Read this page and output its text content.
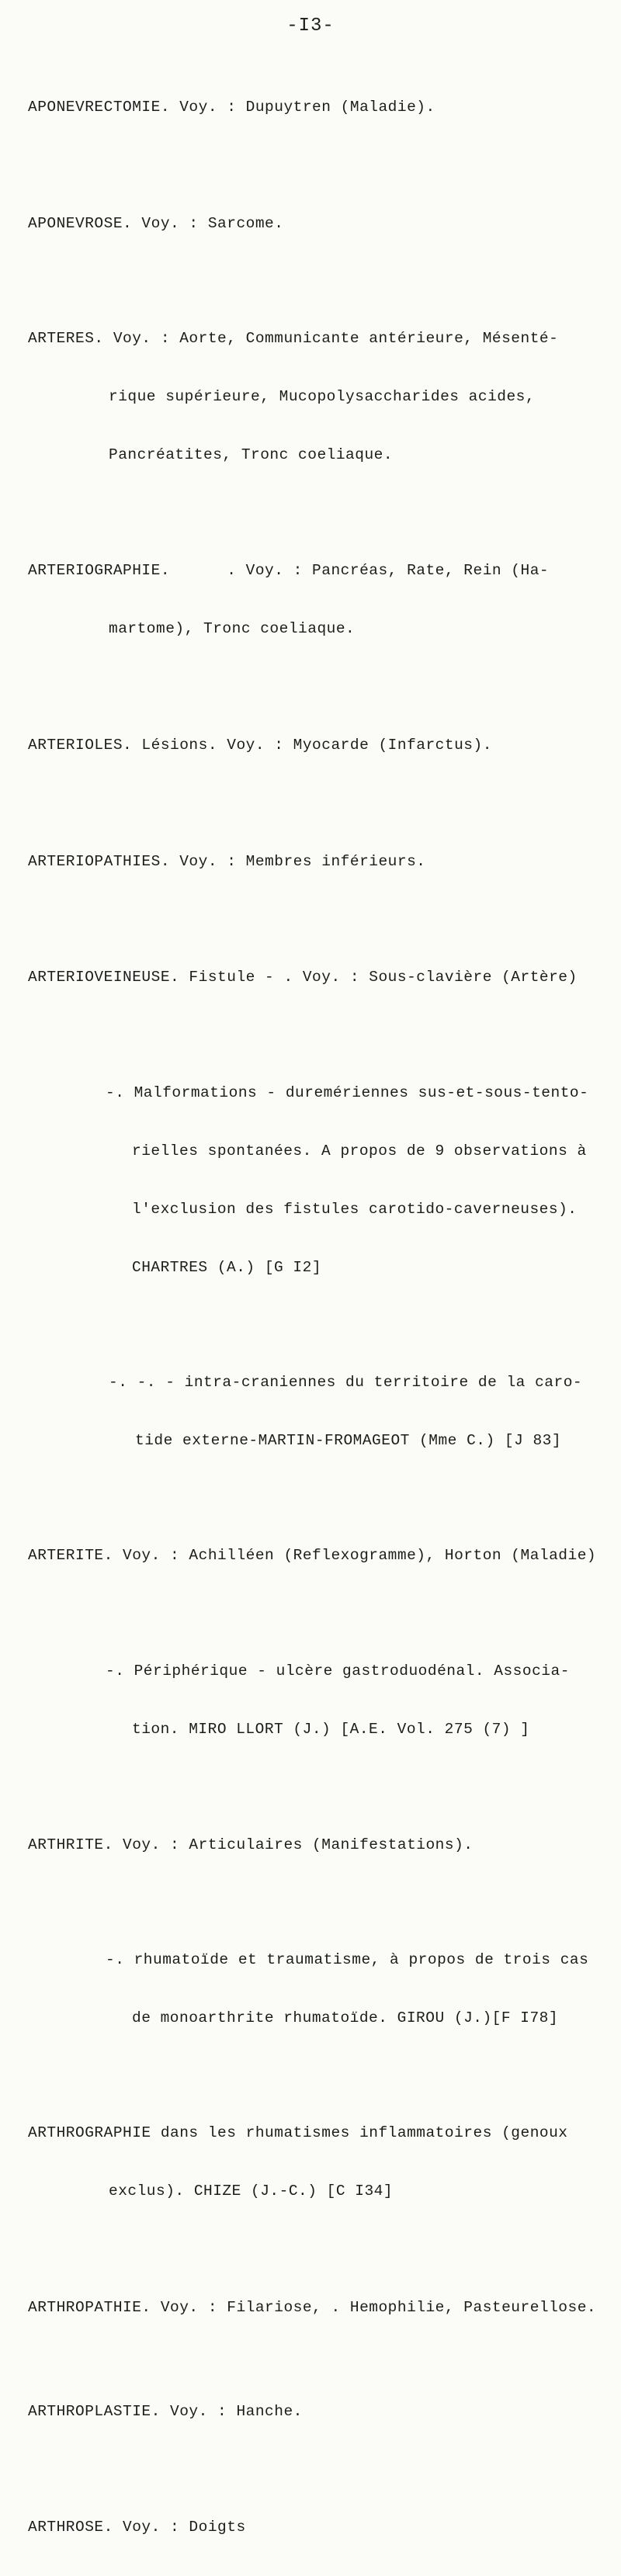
-I3-

APONEVRECTOMIE. Voy. : Dupuytren (Maladie).

APONEVROSE. Voy. : Sarcome.

ARTERES. Voy. : Aorte, Communicante antérieure, Mésenté-

rique supérieure, Mucopolysaccharides acides,

Pancréatites, Tronc coeliaque.

ARTERIOGRAPHIE.      . Voy. : Pancréas, Rate, Rein (Ha-

martome), Tronc coeliaque.

ARTERIOLES. Lésions. Voy. : Myocarde (Infarctus).

ARTERIOPATHIES. Voy. : Membres inférieurs.

ARTERIOVEINEUSE. Fistule - . Voy. : Sous-clavière (Artère)

-. Malformations - duremériennes sus-et-sous-tento-

rielles spontanées. A propos de 9 observations à

l'exclusion des fistules carotido-caverneuses).

CHARTRES (A.) [G I2]

-. -. - intra-craniennes du territoire de la caro-

tide externe-MARTIN-FROMAGEOT (Mme C.) [J 83]

ARTERITE. Voy. : Achilléen (Reflexogramme), Horton (Maladie)

-. Périphérique - ulcère gastroduodénal. Associa-

tion. MIRO LLORT (J.) [A.E. Vol. 275 (7) ]

ARTHRITE. Voy. : Articulaires (Manifestations).

-. rhumatoïde et traumatisme, à propos de trois cas

de monoarthrite rhumatoïde. GIROU (J.)[F I78]

ARTHROGRAPHIE dans les rhumatismes inflammatoires (genoux

exclus). CHIZE (J.-C.) [C I34]

ARTHROPATHIE. Voy. : Filariose, . Hemophilie, Pasteurellose.

ARTHROPLASTIE. Voy. : Hanche.

ARTHROSE. Voy. : Doigts
